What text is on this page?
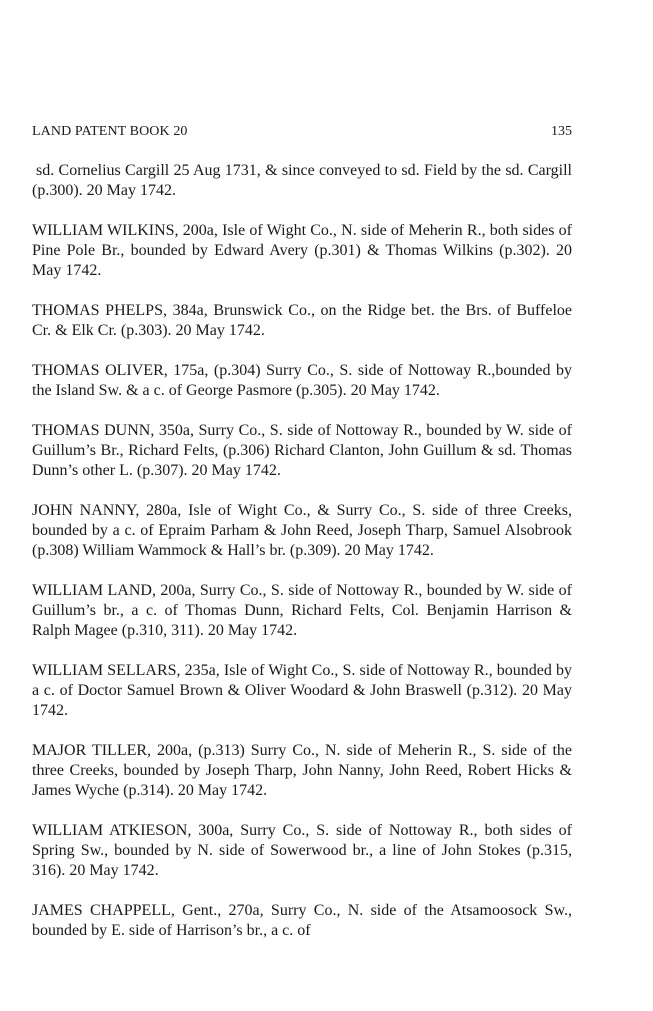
LAND PATENT BOOK 20	135

sd. Cornelius Cargill 25 Aug 1731, & since conveyed to sd. Field by the sd. Cargill (p.300). 20 May 1742.

WILLIAM WILKINS, 200a, Isle of Wight Co., N. side of Meherin R., both sides of Pine Pole Br., bounded by Edward Avery (p.301) & Thomas Wilkins (p.302). 20 May 1742.

THOMAS PHELPS, 384a, Brunswick Co., on the Ridge bet. the Brs. of Buffeloe Cr. & Elk Cr. (p.303). 20 May 1742.

THOMAS OLIVER, 175a, (p.304) Surry Co., S. side of Nottoway R.,bounded by the Island Sw. & a c. of George Pasmore (p.305). 20 May 1742.

THOMAS DUNN, 350a, Surry Co., S. side of Nottoway R., bounded by W. side of Guillum’s Br., Richard Felts, (p.306) Richard Clanton, John Guillum & sd. Thomas Dunn’s other L. (p.307). 20 May 1742.

JOHN NANNY, 280a, Isle of Wight Co., & Surry Co., S. side of three Creeks, bounded by a c. of Epraim Parham & John Reed, Joseph Tharp, Samuel Alsobrook (p.308) William Wammock & Hall’s br. (p.309). 20 May 1742.

WILLIAM LAND, 200a, Surry Co., S. side of Nottoway R., bounded by W. side of Guillum’s br., a c. of Thomas Dunn, Richard Felts, Col. Benjamin Harrison & Ralph Magee (p.310, 311). 20 May 1742.

WILLIAM SELLARS, 235a, Isle of Wight Co., S. side of Nottoway R., bounded by a c. of Doctor Samuel Brown & Oliver Woodard & John Braswell (p.312). 20 May 1742.

MAJOR TILLER, 200a, (p.313) Surry Co., N. side of Meherin R., S. side of the three Creeks, bounded by Joseph Tharp, John Nanny, John Reed, Robert Hicks & James Wyche (p.314). 20 May 1742.

WILLIAM ATKIESON, 300a, Surry Co., S. side of Nottoway R., both sides of Spring Sw., bounded by N. side of Sowerwood br., a line of John Stokes (p.315, 316). 20 May 1742.

JAMES CHAPPELL, Gent., 270a, Surry Co., N. side of the Atsamoosock Sw., bounded by E. side of Harrison’s br., a c. of
